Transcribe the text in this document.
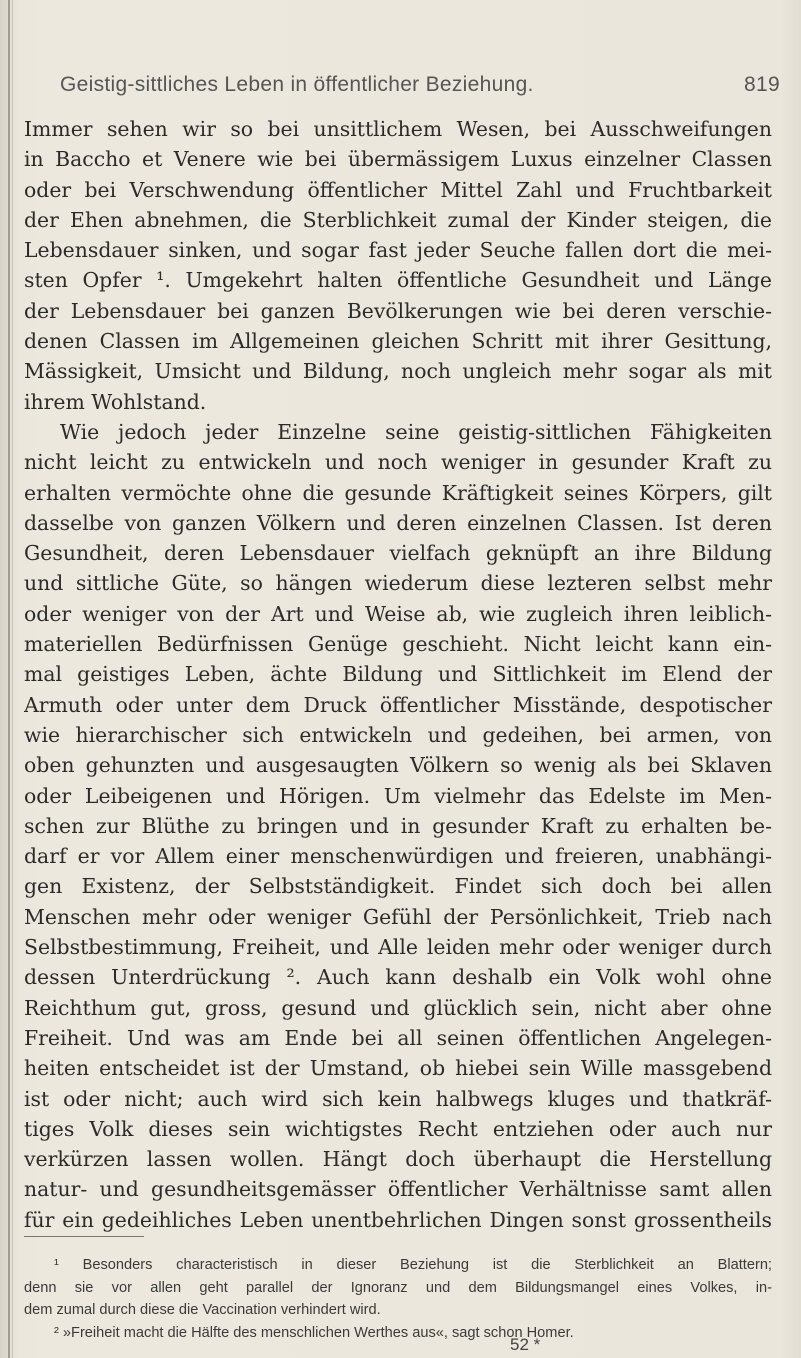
Geistig-sittliches Leben in öffentlicher Beziehung.	819
Immer sehen wir so bei unsittlichem Wesen, bei Ausschweifungen
in Baccho et Venere wie bei übermässigem Luxus einzelner Classen
oder bei Verschwendung öffentlicher Mittel Zahl und Fruchtbarkeit
der Ehen abnehmen, die Sterblichkeit zumal der Kinder steigen, die
Lebensdauer sinken, und sogar fast jeder Seuche fallen dort die mei-
sten Opfer ¹. Umgekehrt halten öffentliche Gesundheit und Länge
der Lebensdauer bei ganzen Bevölkerungen wie bei deren verschie-
denen Classen im Allgemeinen gleichen Schritt mit ihrer Gesittung,
Mässigkeit, Umsicht und Bildung, noch ungleich mehr sogar als mit
ihrem Wohlstand.
Wie jedoch jeder Einzelne seine geistig-sittlichen Fähigkeiten
nicht leicht zu entwickeln und noch weniger in gesunder Kraft zu
erhalten vermöchte ohne die gesunde Kräftigkeit seines Körpers, gilt
dasselbe von ganzen Völkern und deren einzelnen Classen. Ist deren
Gesundheit, deren Lebensdauer vielfach geknüpft an ihre Bildung
und sittliche Güte, so hängen wiederum diese lezteren selbst mehr
oder weniger von der Art und Weise ab, wie zugleich ihren leiblich-
materiellen Bedürfnissen Genüge geschieht. Nicht leicht kann ein-
mal geistiges Leben, ächte Bildung und Sittlichkeit im Elend der
Armuth oder unter dem Druck öffentlicher Misstände, despotischer
wie hierarchischer sich entwickeln und gedeihen, bei armen, von
oben gehunzten und ausgesaugten Völkern so wenig als bei Sklaven
oder Leibeigenen und Hörigen. Um vielmehr das Edelste im Men-
schen zur Blüthe zu bringen und in gesunder Kraft zu erhalten be-
darf er vor Allem einer menschenwürdigen und freieren, unabhängi-
gen Existenz, der Selbstständigkeit. Findet sich doch bei allen
Menschen mehr oder weniger Gefühl der Persönlichkeit, Trieb nach
Selbstbestimmung, Freiheit, und Alle leiden mehr oder weniger durch
dessen Unterdrückung ². Auch kann deshalb ein Volk wohl ohne
Reichthum gut, gross, gesund und glücklich sein, nicht aber ohne
Freiheit. Und was am Ende bei all seinen öffentlichen Angelegen-
heiten entscheidet ist der Umstand, ob hiebei sein Wille massgebend
ist oder nicht; auch wird sich kein halbwegs kluges und thatkräf-
tiges Volk dieses sein wichtigstes Recht entziehen oder auch nur
verkürzen lassen wollen. Hängt doch überhaupt die Herstellung
natur- und gesundheitsgemässer öffentlicher Verhältnisse samt allen
für ein gedeihliches Leben unentbehrlichen Dingen sonst grossentheils
¹ Besonders characteristisch in dieser Beziehung ist die Sterblichkeit an Blattern;
denn sie vor allen geht parallel der Ignoranz und dem Bildungsmangel eines Volkes, in-
dem zumal durch diese die Vaccination verhindert wird.
² »Freiheit macht die Hälfte des menschlichen Werthes aus«, sagt schon Homer.
52 *
